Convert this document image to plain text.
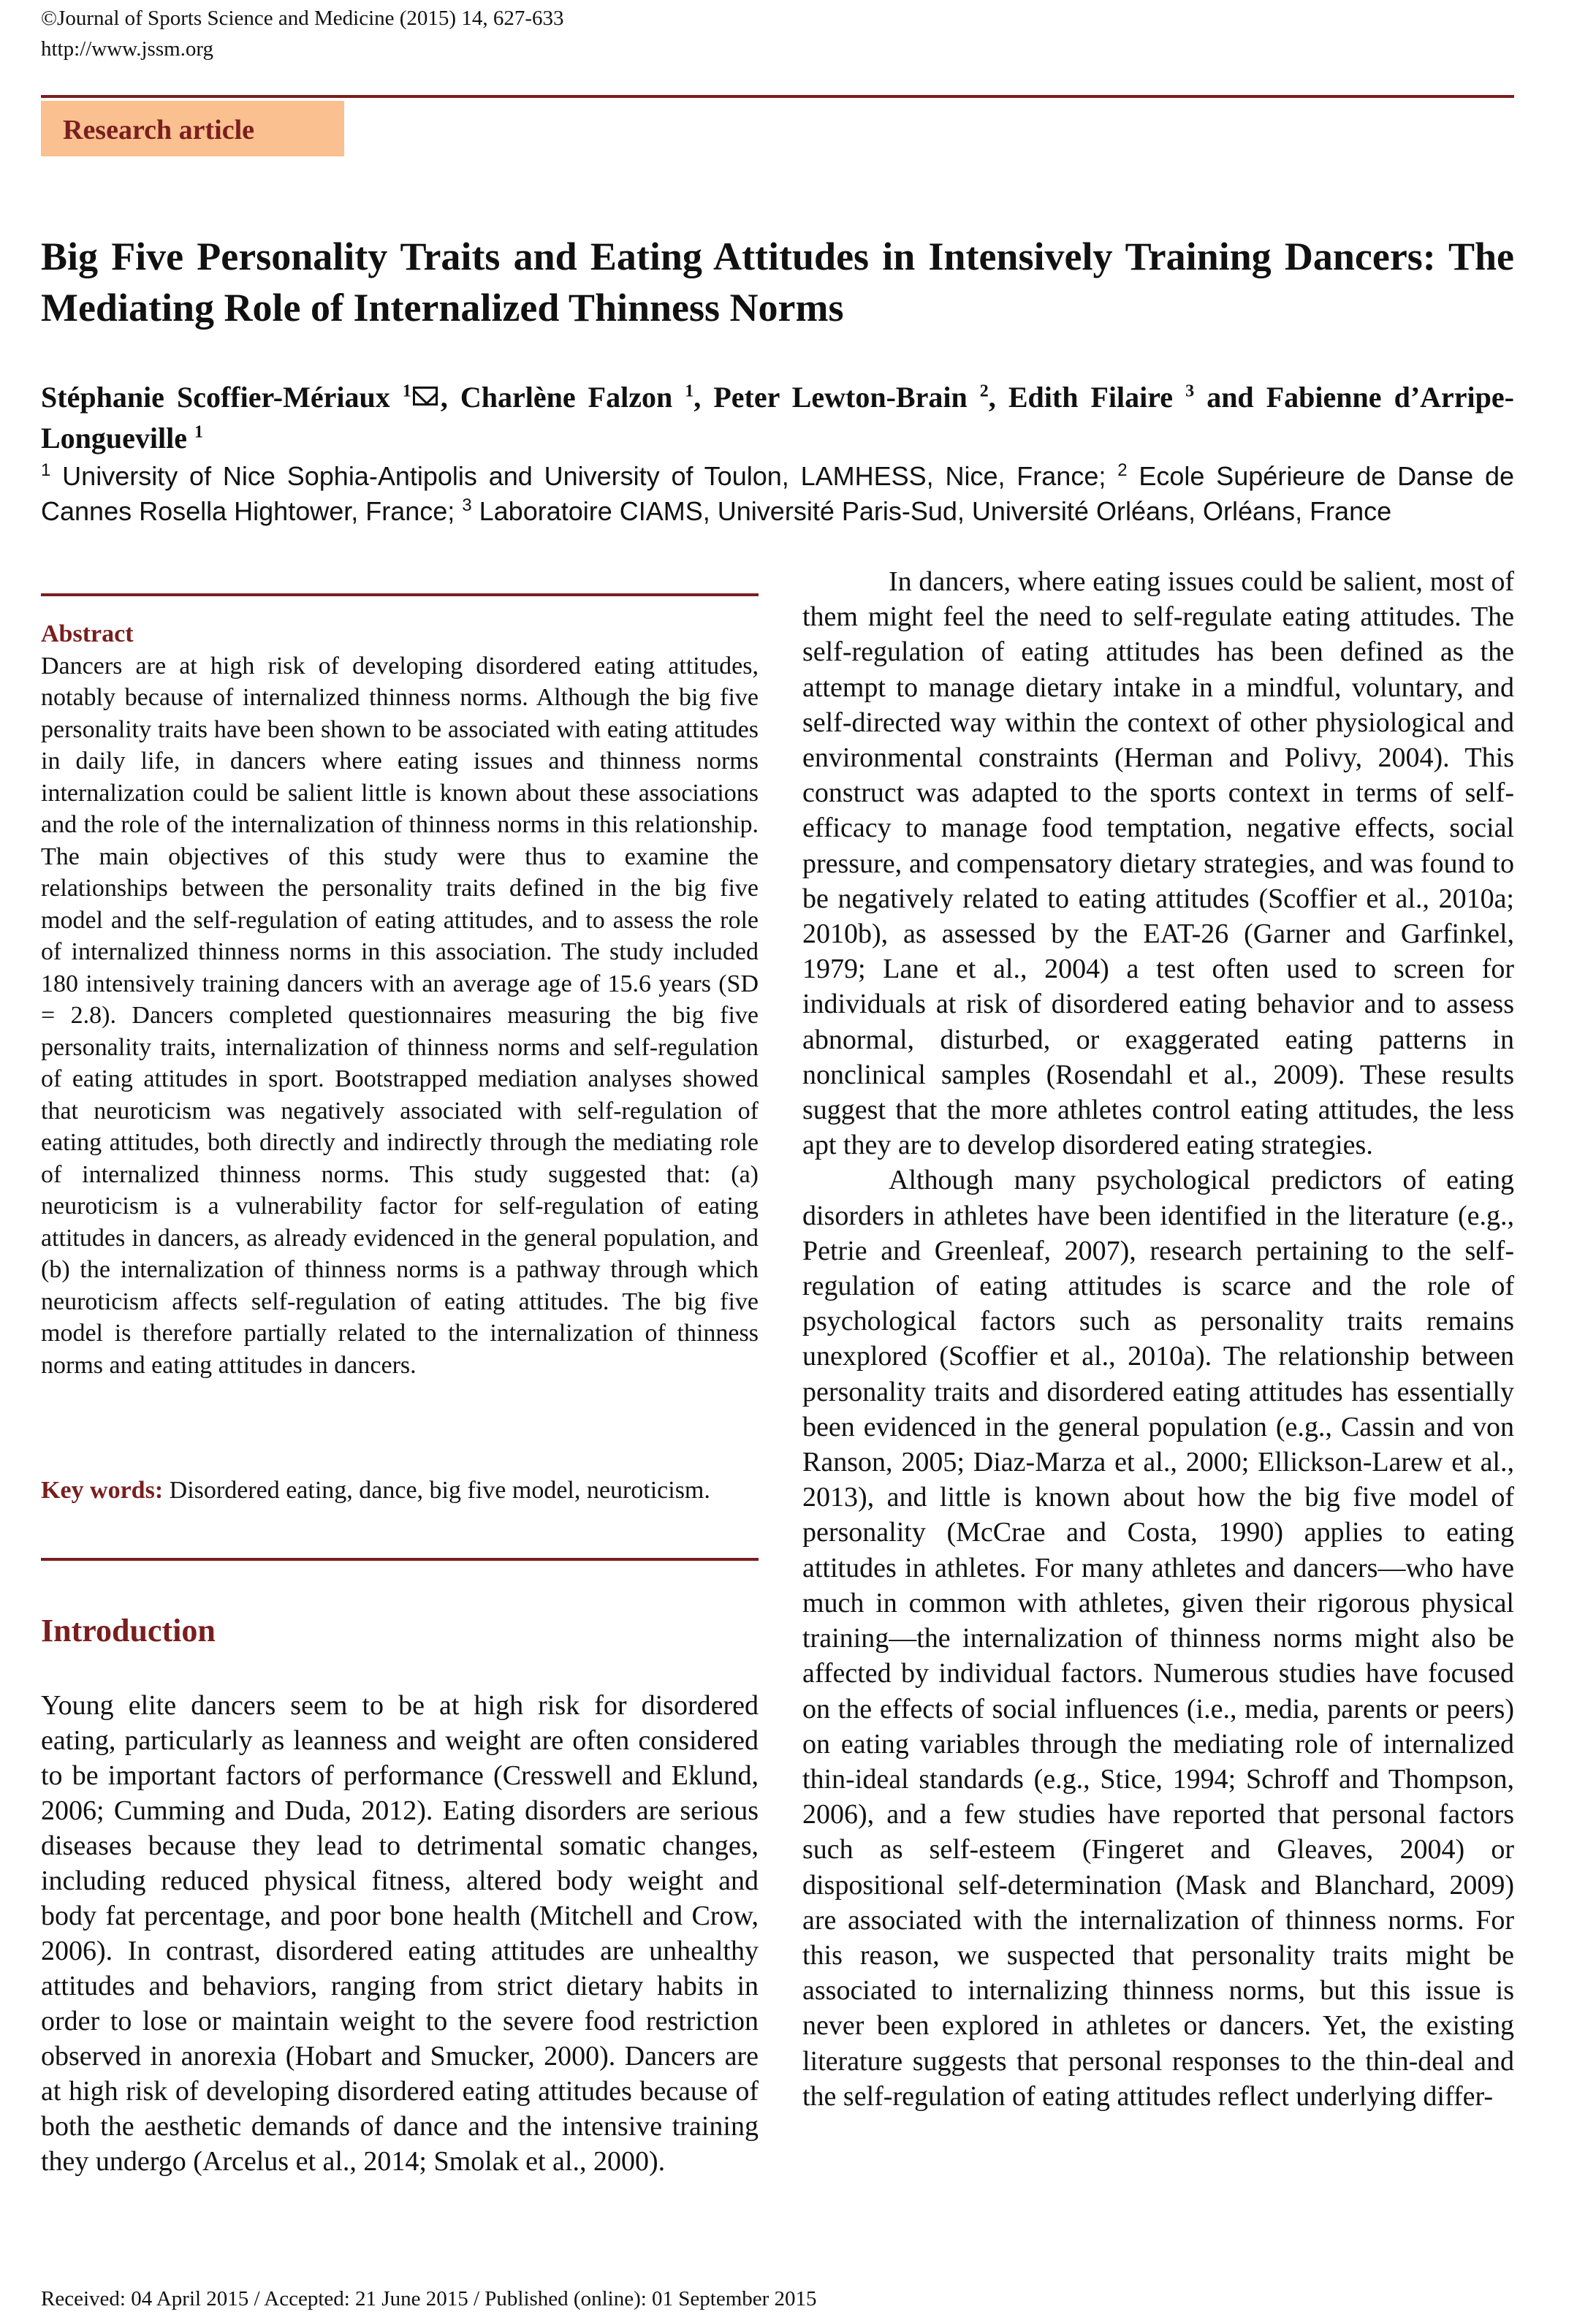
©Journal of Sports Science and Medicine (2015) 14, 627-633
http://www.jssm.org
Research article
Big Five Personality Traits and Eating Attitudes in Intensively Training Dancers: The Mediating Role of Internalized Thinness Norms
Stéphanie Scoffier-Mériaux $^1$ , Charlène Falzon $^1$, Peter Lewton-Brain $^2$, Edith Filaire $^3$ and Fabienne d’Arripe-Longueville $^1$
$^1$ University of Nice Sophia-Antipolis and University of Toulon, LAMHESS, Nice, France; $^2$ Ecole Supérieure de Danse de Cannes Rosella Hightower, France; $^3$ Laboratoire CIAMS, Université Paris-Sud, Université Orléans, Orléans, France
Abstract

Dancers are at high risk of developing disordered eating attitudes, notably because of internalized thinness norms. Although the big five personality traits have been shown to be associated with eating attitudes in daily life, in dancers where eating issues and thinness norms internalization could be salient little is known about these associations and the role of the internalization of thinness norms in this relationship. The main objectives of this study were thus to examine the relationships between the personality traits defined in the big five model and the self-regulation of eating attitudes, and to assess the role of internalized thinness norms in this association. The study included 180 intensively training dancers with an average age of 15.6 years (SD = 2.8). Dancers completed questionnaires measuring the big five personality traits, internalization of thinness norms and self-regulation of eating attitudes in sport. Bootstrapped mediation analyses showed that neuroticism was negatively associated with self-regulation of eating attitudes, both directly and indirectly through the mediating role of internalized thinness norms. This study suggested that: (a) neuroticism is a vulnerability factor for self-regulation of eating attitudes in dancers, as already evidenced in the general population, and (b) the internalization of thinness norms is a pathway through which neuroticism affects self-regulation of eating attitudes. The big five model is therefore partially related to the internalization of thinness norms and eating attitudes in dancers.

Key words: Disordered eating, dance, big five model, neuroticism.
Introduction

Young elite dancers seem to be at high risk for disordered eating, particularly as leanness and weight are often considered to be important factors of performance (Cresswell and Eklund, 2006; Cumming and Duda, 2012). Eating disorders are serious diseases because they lead to detrimental somatic changes, including reduced physical fitness, altered body weight and body fat percentage, and poor bone health (Mitchell and Crow, 2006). In contrast, disordered eating attitudes are unhealthy attitudes and behaviors, ranging from strict dietary habits in order to lose or maintain weight to the severe food restriction observed in anorexia (Hobart and Smucker, 2000). Dancers are at high risk of developing disordered eating attitudes because of both the aesthetic demands of dance and the intensive training they undergo (Arcelus et al., 2014; Smolak et al., 2000).

In dancers, where eating issues could be salient, most of them might feel the need to self-regulate eating attitudes. The self-regulation of eating attitudes has been defined as the attempt to manage dietary intake in a mindful, voluntary, and self-directed way within the context of other physiological and environmental constraints (Herman and Polivy, 2004). This construct was adapted to the sports context in terms of self-efficacy to manage food temptation, negative effects, social pressure, and compensatory dietary strategies, and was found to be negatively related to eating attitudes (Scoffier et al., 2010a; 2010b), as assessed by the EAT-26 (Garner and Garfinkel, 1979; Lane et al., 2004) a test often used to screen for individuals at risk of disordered eating behavior and to assess abnormal, disturbed, or exaggerated eating patterns in nonclinical samples (Rosendahl et al., 2009). These results suggest that the more athletes control eating attitudes, the less apt they are to develop disordered eating strategies.

Although many psychological predictors of eating disorders in athletes have been identified in the literature (e.g., Petrie and Greenleaf, 2007), research pertaining to the self-regulation of eating attitudes is scarce and the role of psychological factors such as personality traits remains unexplored (Scoffier et al., 2010a). The relationship between personality traits and disordered eating attitudes has essentially been evidenced in the general population (e.g., Cassin and von Ranson, 2005; Diaz-Marza et al., 2000; Ellickson-Larew et al., 2013), and little is known about how the big five model of personality (McCrae and Costa, 1990) applies to eating attitudes in athletes. For many athletes and dancers—who have much in common with athletes, given their rigorous physical training—the internalization of thinness norms might also be affected by individual factors. Numerous studies have focused on the effects of social influences (i.e., media, parents or peers) on eating variables through the mediating role of internalized thin-ideal standards (e.g., Stice, 1994; Schroff and Thompson, 2006), and a few studies have reported that personal factors such as self-esteem (Fingeret and Gleaves, 2004) or dispositional self-determination (Mask and Blanchard, 2009) are associated with the internalization of thinness norms. For this reason, we suspected that personality traits might be associated to internalizing thinness norms, but this issue is never been explored in athletes or dancers. Yet, the existing literature suggests that personal responses to the thin-deal and the self-regulation of eating attitudes reflect underlying differ-

Received: 04 April 2015 / Accepted: 21 June 2015 / Published (online): 01 September 2015
